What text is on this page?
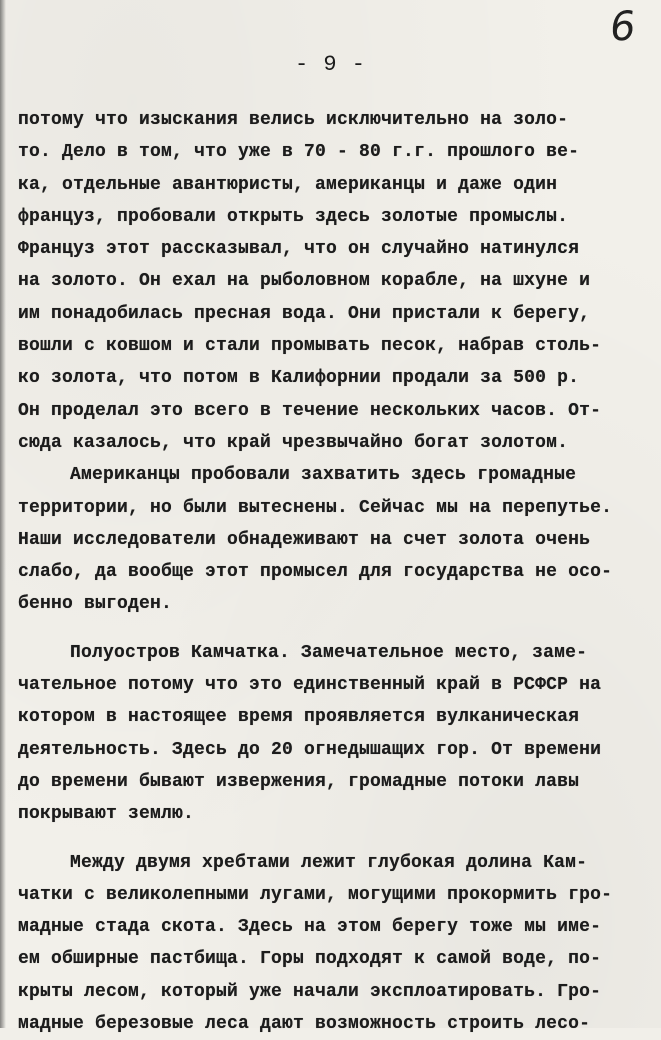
6
- 9 -
потому что изыскания велись исключительно на золо-
то. Дело в том, что уже в 70 - 80 г.г. прошлого ве-
ка, отдельные авантюристы, американцы и даже один
француз, пробовали открыть здесь золотые промыслы.
Француз этот рассказывал, что он случайно натинулся
на золото. Он ехал на рыболовном корабле, на шхуне и
им понадобилась пресная вода. Они пристали к берегу,
вошли с ковшом и стали промывать песок, набрав столь-
ко золота, что потом в Калифорнии продали за 500 р.
Он проделал это всего в течение нескольких часов. От-
сюда казалось, что край чрезвычайно богат золотом.
Американцы пробовали захватить здесь громадные
территории, но были вытеснены. Сейчас мы на перепутье.
Наши исследователи обнадеживают на счет золота очень
слабо, да вообще этот промысел для государства не осо-
бенно выгоден.
Полуостров Камчатка. Замечательное место, заме-
чательное потому что это единственный край в РСФСР на
котором в настоящее время проявляется вулканическая
деятельность. Здесь до 20 огнедышащих гор. От времени
до времени бывают извержения, громадные потоки лавы
покрывают землю.
Между двумя хребтами лежит глубокая долина Кам-
чатки с великолепными лугами, могущими прокормить гро-
мадные стада скота. Здесь на этом берегу тоже мы име-
ем обширные пастбища. Горы подходят к самой воде, по-
крыты лесом, который уже начали эксплоатировать. Гро-
мадные березовые леса дают возможность строить лесо-
